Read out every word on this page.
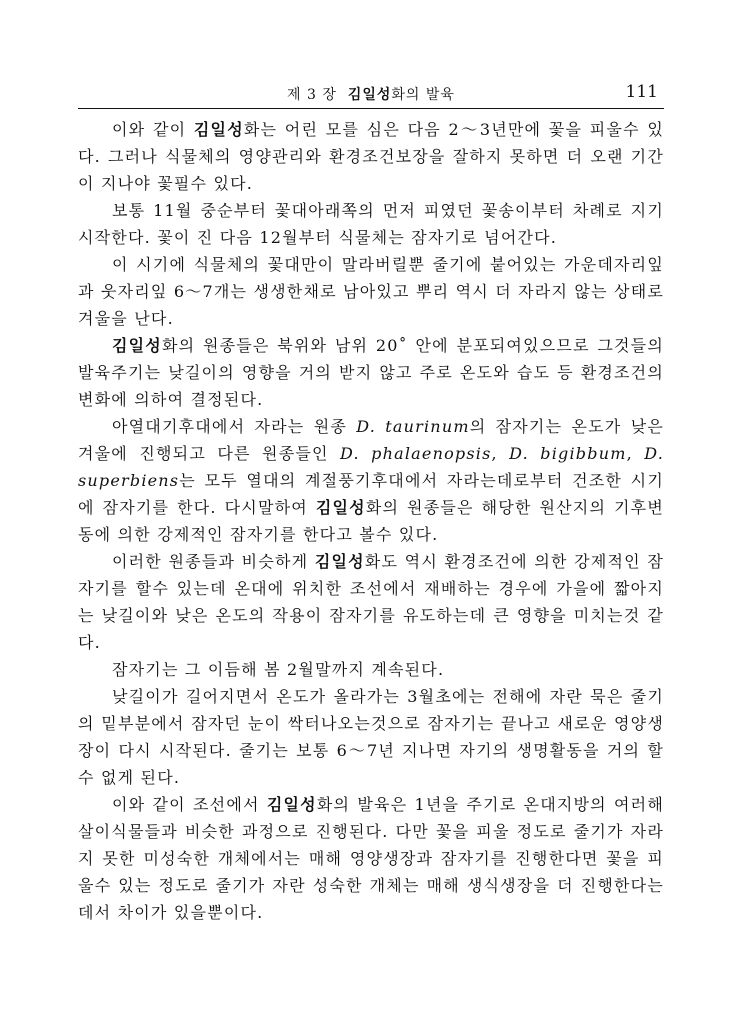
제 3 장 김일성화의 발육	111

이와 같이 김일성화는 어린 모를 심은 다음 2～3년만에 꽃을 피울수 있다. 그러나 식물체의 영양관리와 환경조건보장을 잘하지 못하면 더 오랜 기간이 지나야 꽃필수 있다.

보통 11월 중순부터 꽃대아래쪽의 먼저 피였던 꽃송이부터 차례로 지기 시작한다. 꽃이 진 다음 12월부터 식물체는 잠자기로 넘어간다.

이 시기에 식물체의 꽃대만이 말라버릴뿐 줄기에 붙어있는 가운데자리잎과 웃자리잎 6～7개는 생생한채로 남아있고 뿌리 역시 더 자라지 않는 상태로 겨울을 난다.

김일성화의 원종들은 북위와 남위 20˚ 안에 분포되여있으므로 그것들의 발육주기는 낮길이의 영향을 거의 받지 않고 주로 온도와 습도 등 환경조건의 변화에 의하여 결정된다.

아열대기후대에서 자라는 원종 D. taurinum의 잠자기는 온도가 낮은 겨울에 진행되고 다른 원종들인 D. phalaenopsis, D. bigibbum, D. superbiens는 모두 열대의 계절풍기후대에서 자라는데로부터 건조한 시기에 잠자기를 한다. 다시말하여 김일성화의 원종들은 해당한 원산지의 기후변동에 의한 강제적인 잠자기를 한다고 볼수 있다.

이러한 원종들과 비슷하게 김일성화도 역시 환경조건에 의한 강제적인 잠자기를 할수 있는데 온대에 위치한 조선에서 재배하는 경우에 가을에 짧아지는 낮길이와 낮은 온도의 작용이 잠자기를 유도하는데 큰 영향을 미치는것 같다.

잠자기는 그 이듬해 봄 2월말까지 계속된다.

낮길이가 길어지면서 온도가 올라가는 3월초에는 전해에 자란 묵은 줄기의 밑부분에서 잠자던 눈이 싹터나오는것으로 잠자기는 끝나고 새로운 영양생장이 다시 시작된다. 줄기는 보통 6～7년 지나면 자기의 생명활동을 거의 할수 없게 된다.

이와 같이 조선에서 김일성화의 발육은 1년을 주기로 온대지방의 여러해살이식물들과 비슷한 과정으로 진행된다. 다만 꽃을 피울 정도로 줄기가 자라지 못한 미성숙한 개체에서는 매해 영양생장과 잠자기를 진행한다면 꽃을 피울수 있는 정도로 줄기가 자란 성숙한 개체는 매해 생식생장을 더 진행한다는데서 차이가 있을뿐이다.
